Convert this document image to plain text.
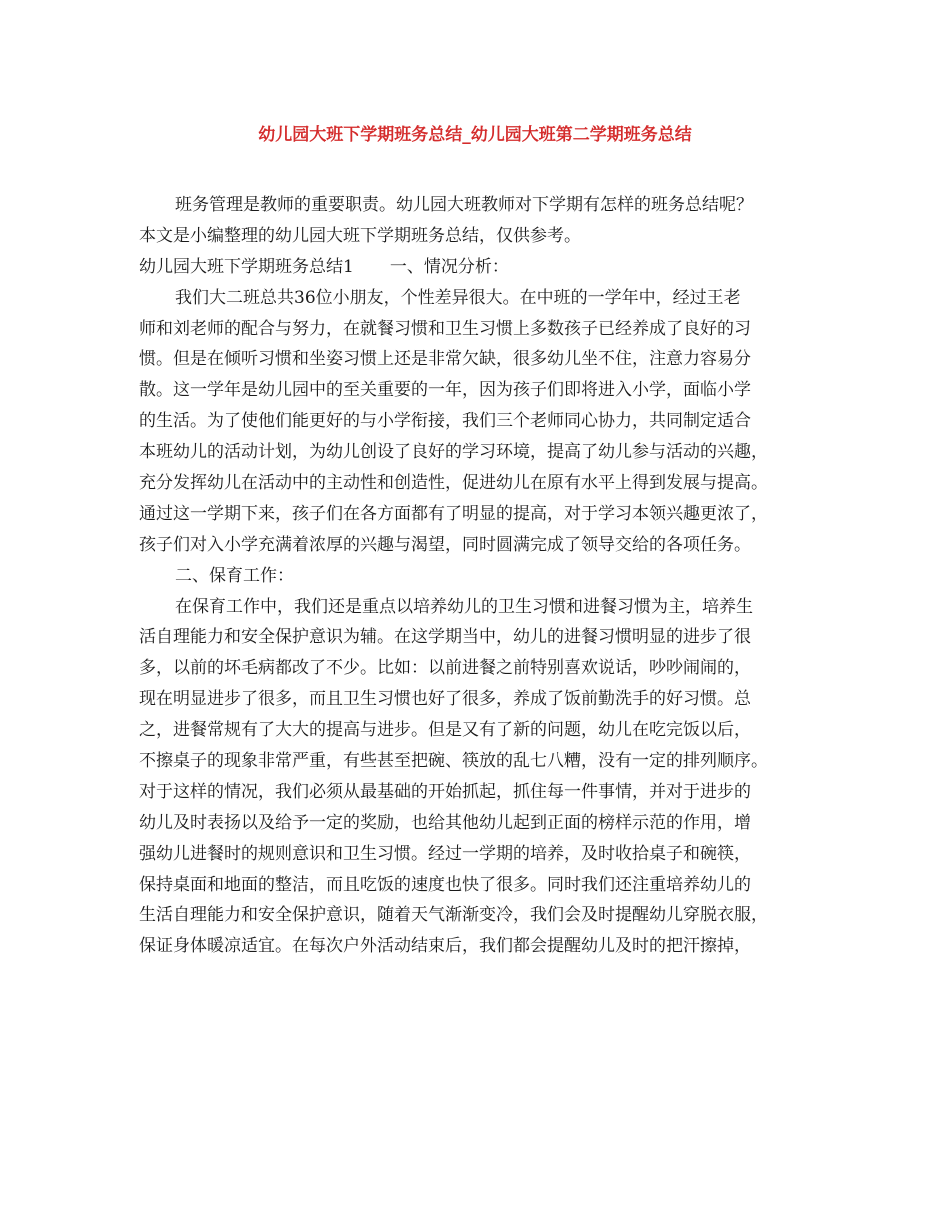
幼儿园大班下学期班务总结_幼儿园大班第二学期班务总结
班务管理是教师的重要职责。幼儿园大班教师对下学期有怎样的班务总结呢？
本文是小编整理的幼儿园大班下学期班务总结，仅供参考。
幼儿园大班下学期班务总结1 一、情况分析：
我们大二班总共36位小朋友，个性差异很大。在中班的一学年中，经过王老
师和刘老师的配合与努力，在就餐习惯和卫生习惯上多数孩子已经养成了良好的习
惯。但是在倾听习惯和坐姿习惯上还是非常欠缺，很多幼儿坐不住，注意力容易分
散。这一学年是幼儿园中的至关重要的一年，因为孩子们即将进入小学，面临小学
的生活。为了使他们能更好的与小学衔接，我们三个老师同心协力，共同制定适合
本班幼儿的活动计划，为幼儿创设了良好的学习环境，提高了幼儿参与活动的兴趣，
充分发挥幼儿在活动中的主动性和创造性，促进幼儿在原有水平上得到发展与提高。
通过这一学期下来，孩子们在各方面都有了明显的提高，对于学习本领兴趣更浓了，
孩子们对入小学充满着浓厚的兴趣与渴望，同时圆满完成了领导交给的各项任务。
二、保育工作：
在保育工作中，我们还是重点以培养幼儿的卫生习惯和进餐习惯为主，培养生
活自理能力和安全保护意识为辅。在这学期当中，幼儿的进餐习惯明显的进步了很
多，以前的坏毛病都改了不少。比如：以前进餐之前特别喜欢说话，吵吵闹闹的，
现在明显进步了很多，而且卫生习惯也好了很多，养成了饭前勤洗手的好习惯。总
之，进餐常规有了大大的提高与进步。但是又有了新的问题，幼儿在吃完饭以后，
不擦桌子的现象非常严重，有些甚至把碗、筷放的乱七八糟，没有一定的排列顺序。
对于这样的情况，我们必须从最基础的开始抓起，抓住每一件事情，并对于进步的
幼儿及时表扬以及给予一定的奖励，也给其他幼儿起到正面的榜样示范的作用，增
强幼儿进餐时的规则意识和卫生习惯。经过一学期的培养，及时收拾桌子和碗筷，
保持桌面和地面的整洁，而且吃饭的速度也快了很多。同时我们还注重培养幼儿的
生活自理能力和安全保护意识，随着天气渐渐变冷，我们会及时提醒幼儿穿脱衣服，
保证身体暖凉适宜。在每次户外活动结束后，我们都会提醒幼儿及时的把汗擦掉，
